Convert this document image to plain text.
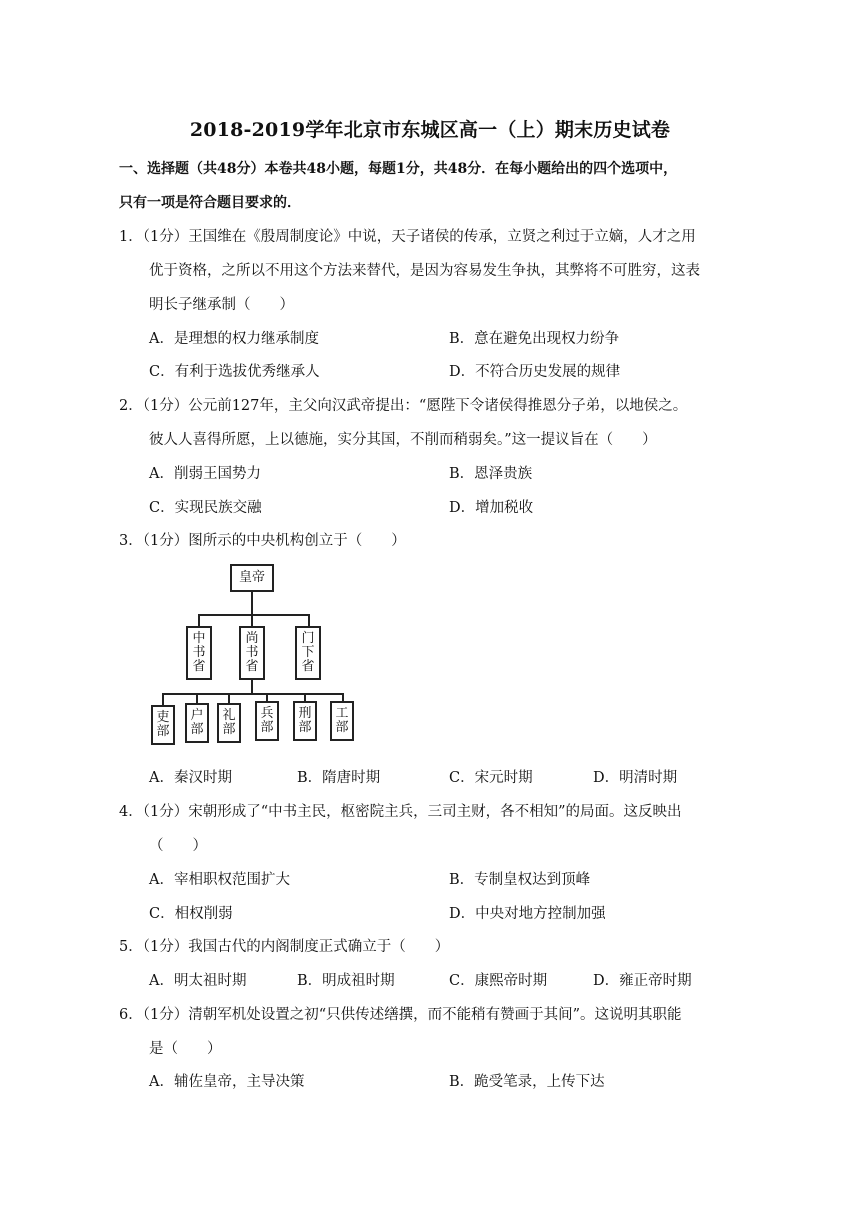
2018-2019学年北京市东城区高一（上）期末历史试卷
一、选择题（共48分）本卷共48小题，每题1分，共48分．在每小题给出的四个选项中，
只有一项是符合题目要求的．
1．（1分）王国维在《殷周制度论》中说，天子诸侯的传承，立贤之利过于立嫡，人才之用
优于资格，之所以不用这个方法来替代，是因为容易发生争执，其弊将不可胜穷，这表
明长子继承制（　　）
A．是理想的权力继承制度	B．意在避免出现权力纷争
C．有利于选拔优秀继承人	D．不符合历史发展的规律
2．（1分）公元前127年，主父向汉武帝提出：“愿陛下令诸侯得推恩分子弟，以地侯之。
彼人人喜得所愿，上以德施，实分其国，不削而稍弱矣。”这一提议旨在（　　）
A．削弱王国势力	B．恩泽贵族
C．实现民族交融	D．增加税收
3．（1分）图所示的中央机构创立于（　　）
皇帝
中
书
省
尚
书
省
门
下
省
吏
部
户
部
礼
部
兵
部
刑
部
工
部
A．秦汉时期	B．隋唐时期	C．宋元时期	D．明清时期
4．（1分）宋朝形成了“中书主民，枢密院主兵，三司主财，各不相知”的局面。这反映出
（　　）
A．宰相职权范围扩大	B．专制皇权达到顶峰
C．相权削弱	D．中央对地方控制加强
5．（1分）我国古代的内阁制度正式确立于（　　）
A．明太祖时期	B．明成祖时期	C．康熙帝时期	D．雍正帝时期
6．（1分）清朝军机处设置之初“只供传述缮撰，而不能稍有赞画于其间”。这说明其职能
是（　　）
A．辅佐皇帝，主导决策	B．跪受笔录，上传下达
